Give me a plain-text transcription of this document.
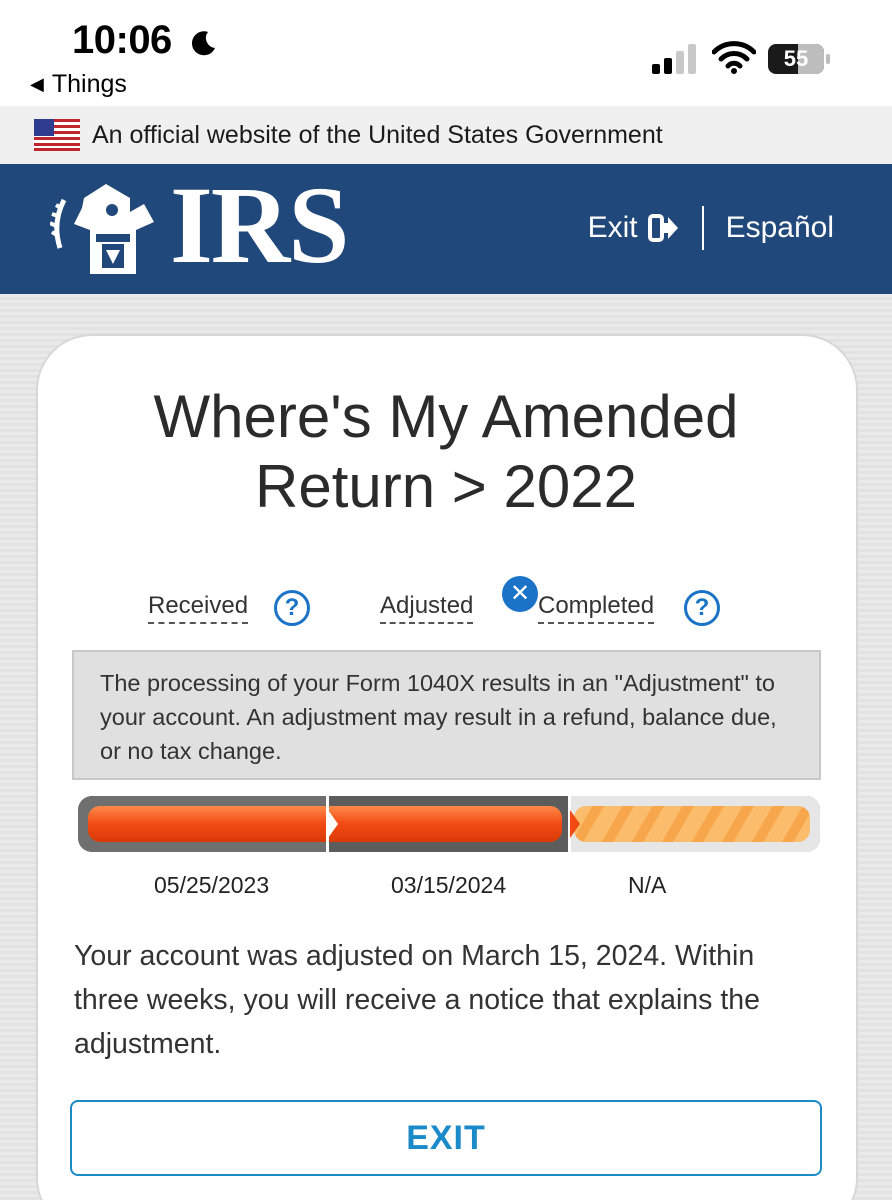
10:06
◀ Things
55
An official website of the United States Government
IRS	Exit	Español
Where's My Amended
Return > 2022
Received	?	Adjusted	✕ Completed	?
The processing of your Form 1040X results in an "Adjustment" to your account. An adjustment may result in a refund, balance due, or no tax change.
05/25/2023	03/15/2024	N/A
Your account was adjusted on March 15, 2024. Within three weeks, you will receive a notice that explains the adjustment.
EXIT
